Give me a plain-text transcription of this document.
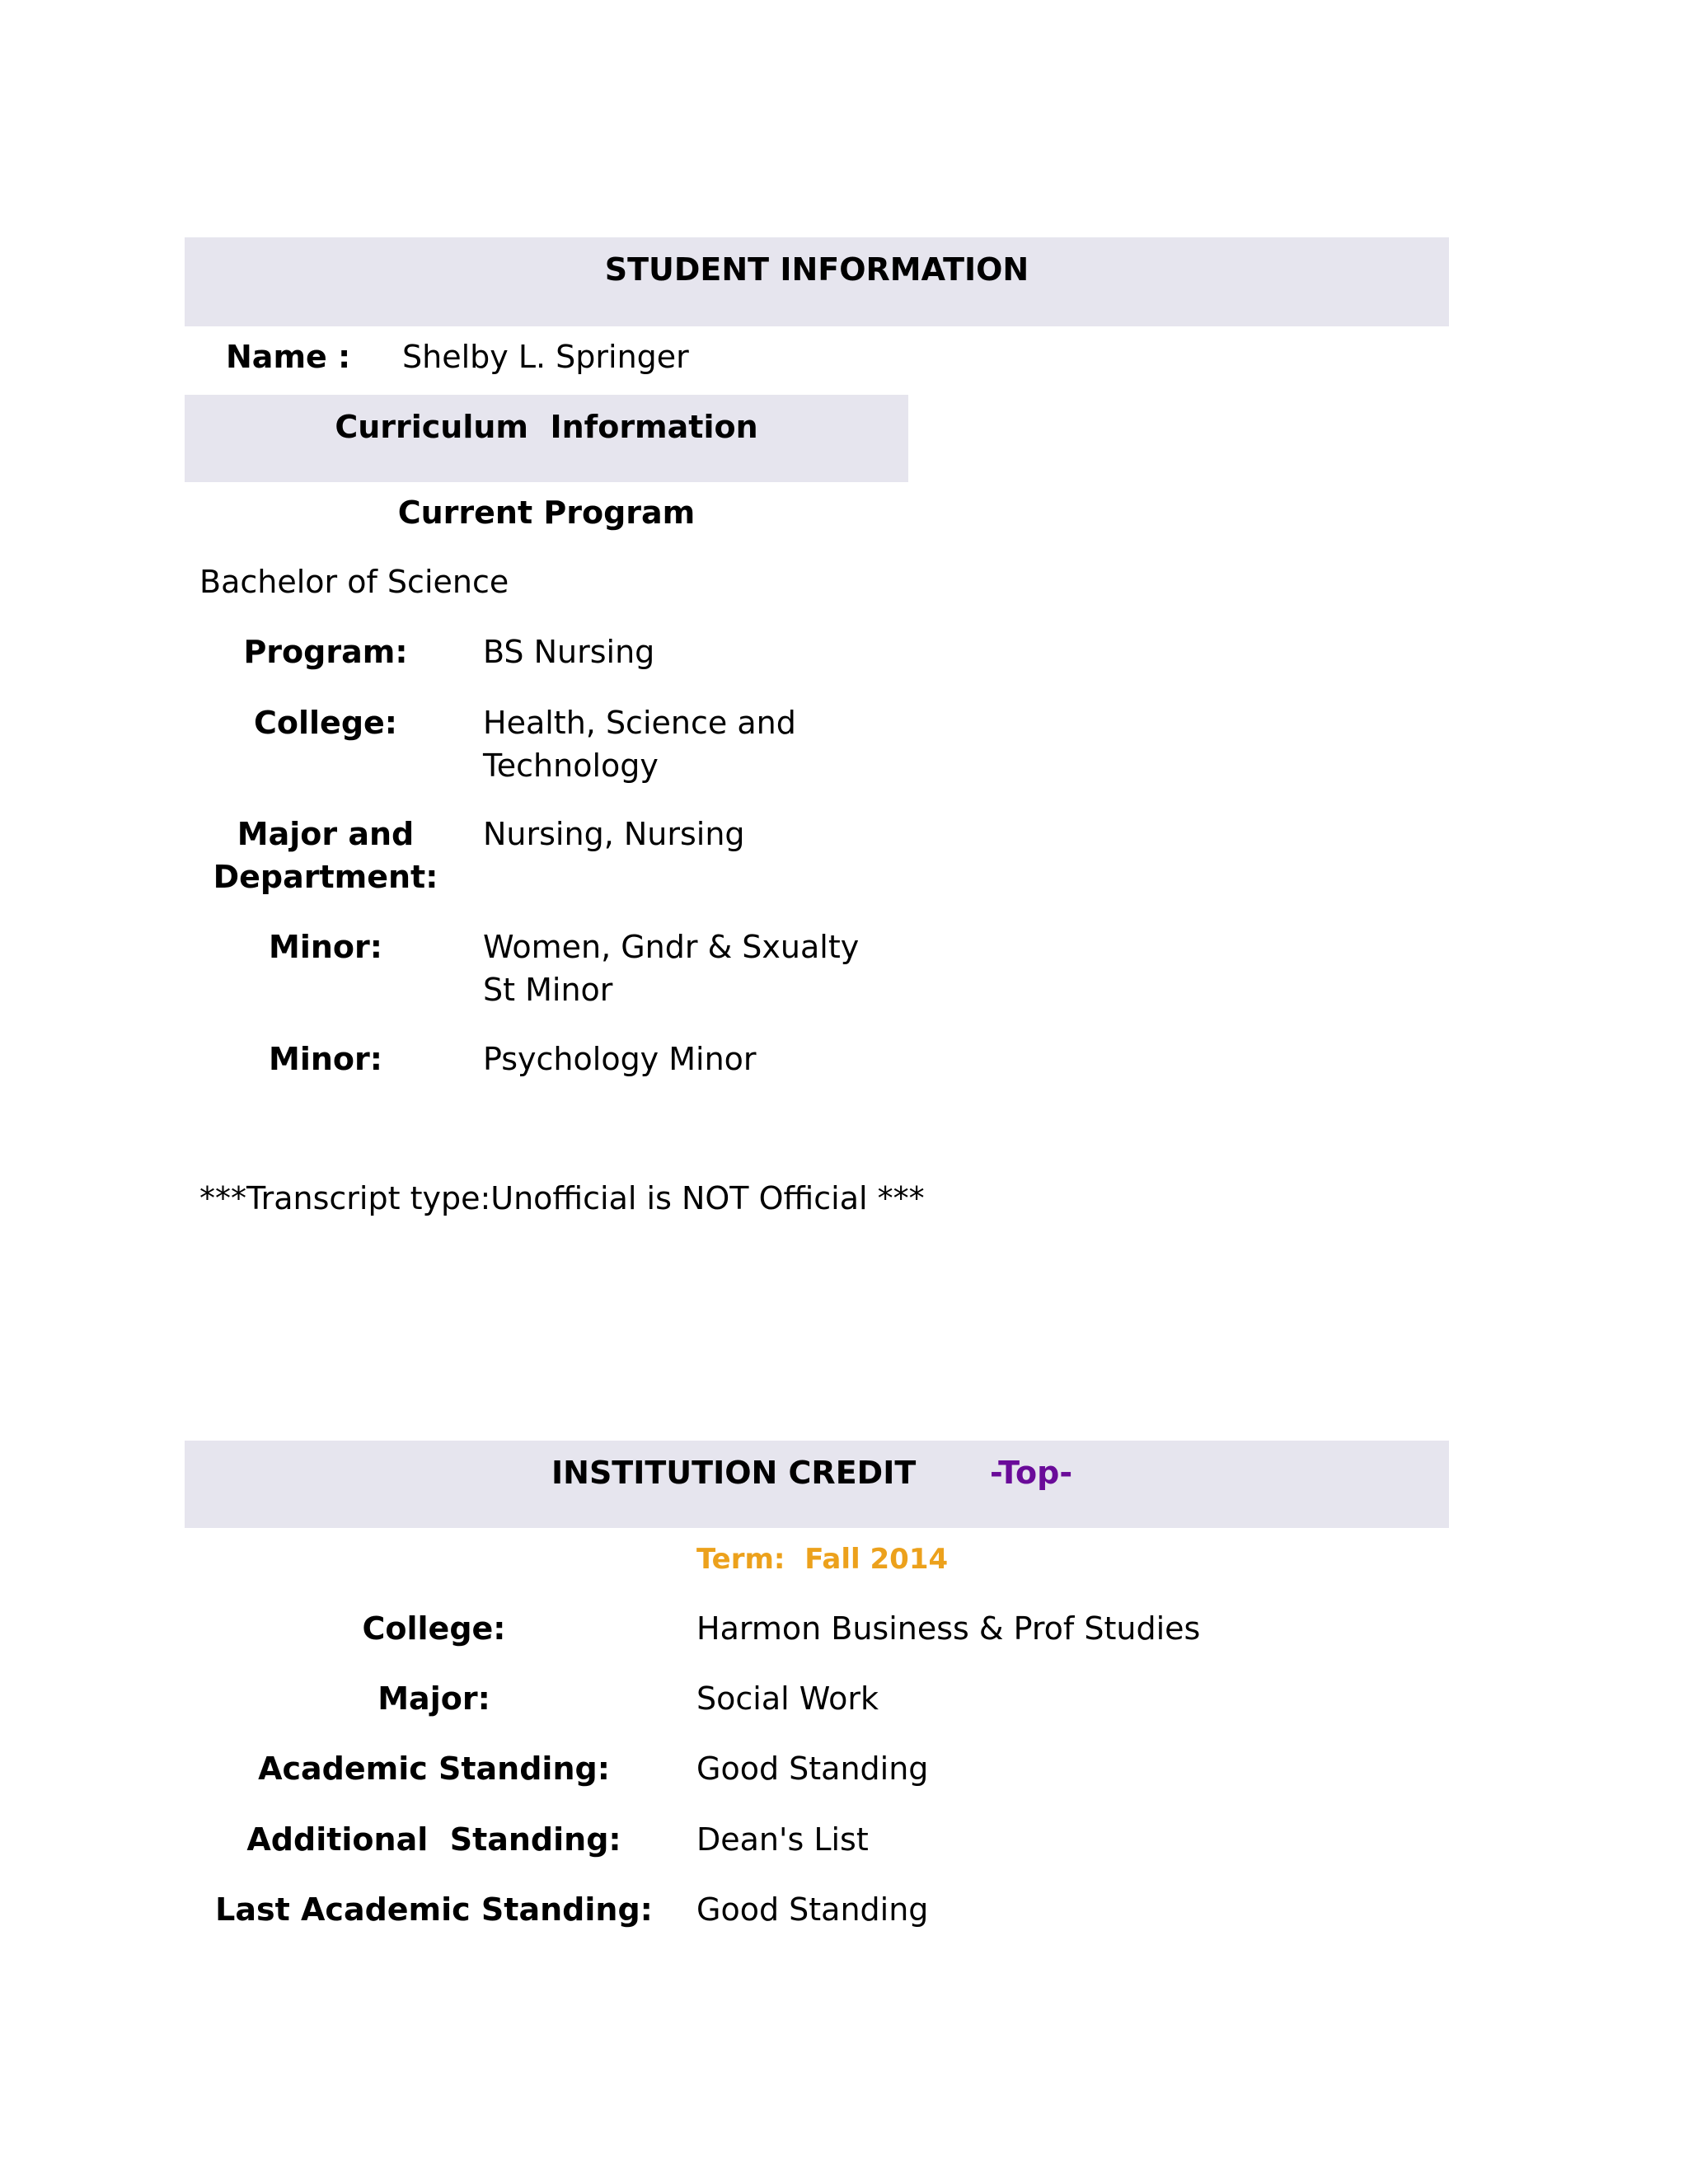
STUDENT INFORMATION
Name : Shelby L. Springer
Curriculum  Information
Current Program
Bachelor of Science
Program:	BS Nursing
College:	Health, Science and
Technology
Major and
Department:
Nursing, Nursing
Minor:	Women, Gndr & Sxualty
St Minor
Minor:	Psychology Minor
***Transcript type:Unofficial is NOT Official ***
INSTITUTION CREDIT -Top-
Term:  Fall 2014
College:	Harmon Business & Prof Studies
Major:	Social Work
Academic Standing:	Good Standing
Additional  Standing:	Dean's List
Last Academic Standing:	Good Standing
